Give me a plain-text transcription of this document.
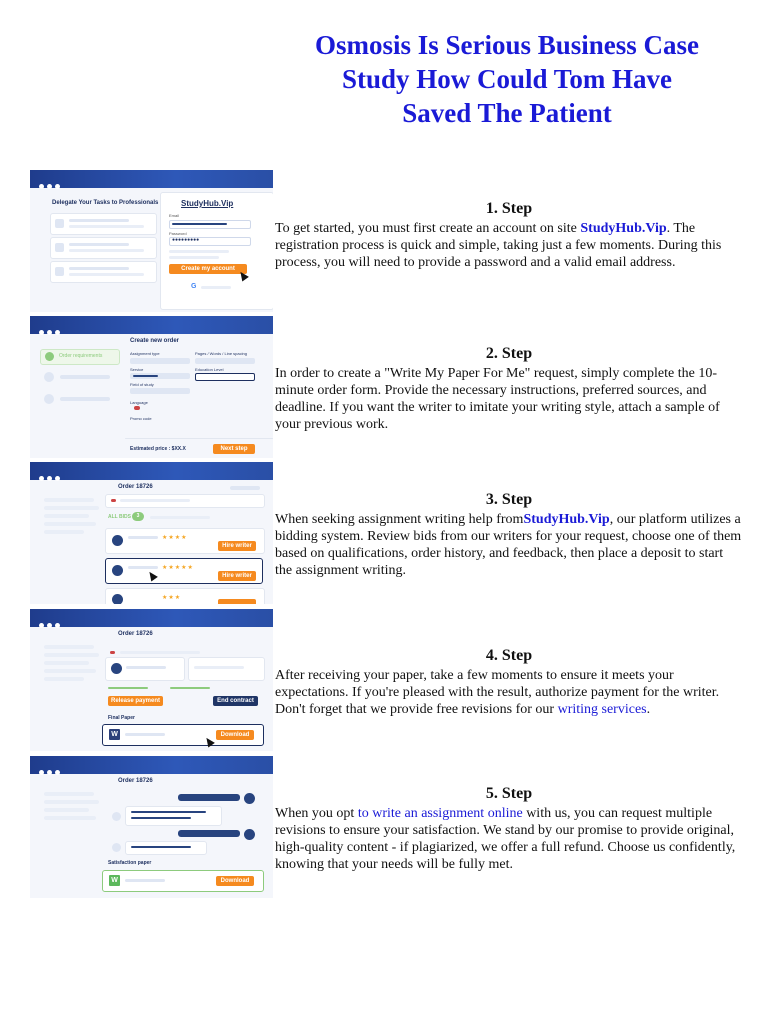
Osmosis Is Serious Business Case
Study How Could Tom Have
Saved The Patient
Delegate Your Tasks to Professionals	StudyHub.Vip
Email
Password
●●●●●●●●●
Create my account
G
Create new order
Order requirements	Assignment type	Pages / Words / Line spacing
Service	Education Level
Field of study
Language
Promo code
Estimated price : $XX.X	Next step
Order 18726
ALL BIDS	3
★★★★
Hire writer
★★★★★
Hire writer
★★★
Order 18726
Release payment	End contract
Final Paper
W	Download
Order 18726
Satisfaction paper
W	Download
1. Step

To get started, you must first create an account on site StudyHub.Vip. The registration process is quick and simple, taking just a few moments. During this process, you will need to provide a password and a valid email address.

2. Step

In order to create a "Write My Paper For Me" request, simply complete the 10-minute order form. Provide the necessary instructions, preferred sources, and deadline. If you want the writer to imitate your writing style, attach a sample of your previous work.

3. Step

When seeking assignment writing help fromStudyHub.Vip, our platform utilizes a bidding system. Review bids from our writers for your request, choose one of them based on qualifications, order history, and feedback, then place a deposit to start the assignment writing.

4. Step

After receiving your paper, take a few moments to ensure it meets your expectations. If you're pleased with the result, authorize payment for the writer. Don't forget that we provide free revisions for our writing services.

5. Step

When you opt to write an assignment online with us, you can request multiple revisions to ensure your satisfaction. We stand by our promise to provide original, high-quality content - if plagiarized, we offer a full refund. Choose us confidently, knowing that your needs will be fully met.
